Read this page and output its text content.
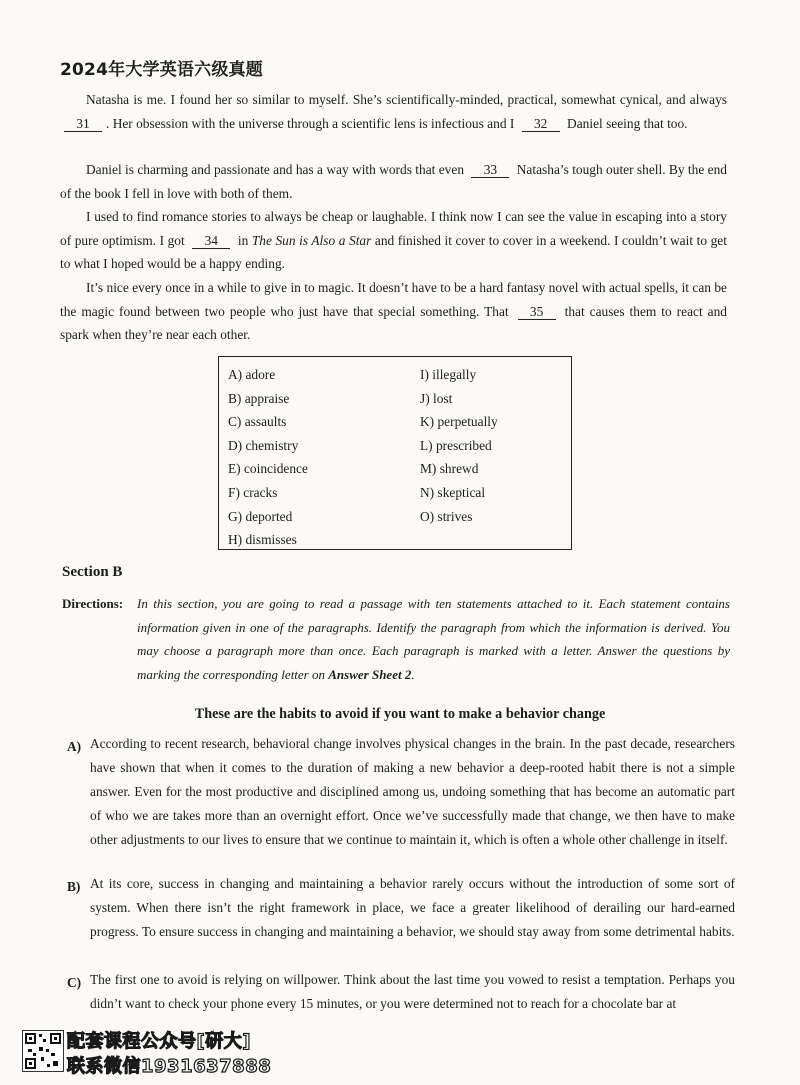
2024年大学英语六级真题
Natasha is me. I found her so similar to myself. She’s scientifically-minded, practical, somewhat cynical, and always 31 . Her obsession with the universe through a scientific lens is infectious and I 32 Daniel seeing that too.
Daniel is charming and passionate and has a way with words that even 33 Natasha’s tough outer shell. By the end of the book I fell in love with both of them.
I used to find romance stories to always be cheap or laughable. I think now I can see the value in escaping into a story of pure optimism. I got 34 in The Sun is Also a Star and finished it cover to cover in a weekend. I couldn’t wait to get to what I hoped would be a happy ending.
It’s nice every once in a while to give in to magic. It doesn’t have to be a hard fantasy novel with actual spells, it can be the magic found between two people who just have that special something. That 35 that causes them to react and spark when they’re near each other.
A) adore
B) appraise
C) assaults
D) chemistry
E) coincidence
F) cracks
G) deported
H) dismisses
I) illegally
J) lost
K) perpetually
L) prescribed
M) shrewd
N) skeptical
O) strives
Section B
Directions: In this section, you are going to read a passage with ten statements attached to it. Each statement contains information given in one of the paragraphs. Identify the paragraph from which the information is derived. You may choose a paragraph more than once. Each paragraph is marked with a letter. Answer the questions by marking the corresponding letter on Answer Sheet 2.
These are the habits to avoid if you want to make a behavior change
A) According to recent research, behavioral change involves physical changes in the brain. In the past decade, researchers have shown that when it comes to the duration of making a new behavior a deep-rooted habit there is not a simple answer. Even for the most productive and disciplined among us, undoing something that has become an automatic part of who we are takes more than an overnight effort. Once we’ve successfully made that change, we then have to make other adjustments to our lives to ensure that we continue to maintain it, which is often a whole other challenge in itself.
B) At its core, success in changing and maintaining a behavior rarely occurs without the introduction of some sort of system. When there isn’t the right framework in place, we face a greater likelihood of derailing our hard-earned progress. To ensure success in changing and maintaining a behavior, we should stay away from some detrimental habits.
C) The first one to avoid is relying on willpower. Think about the last time you vowed to resist a temptation. Perhaps you didn’t want to check your phone every 15 minutes, or you were determined not to reach for a chocolate bar at
配套课程公众号[研大]
联系微信1931637888
